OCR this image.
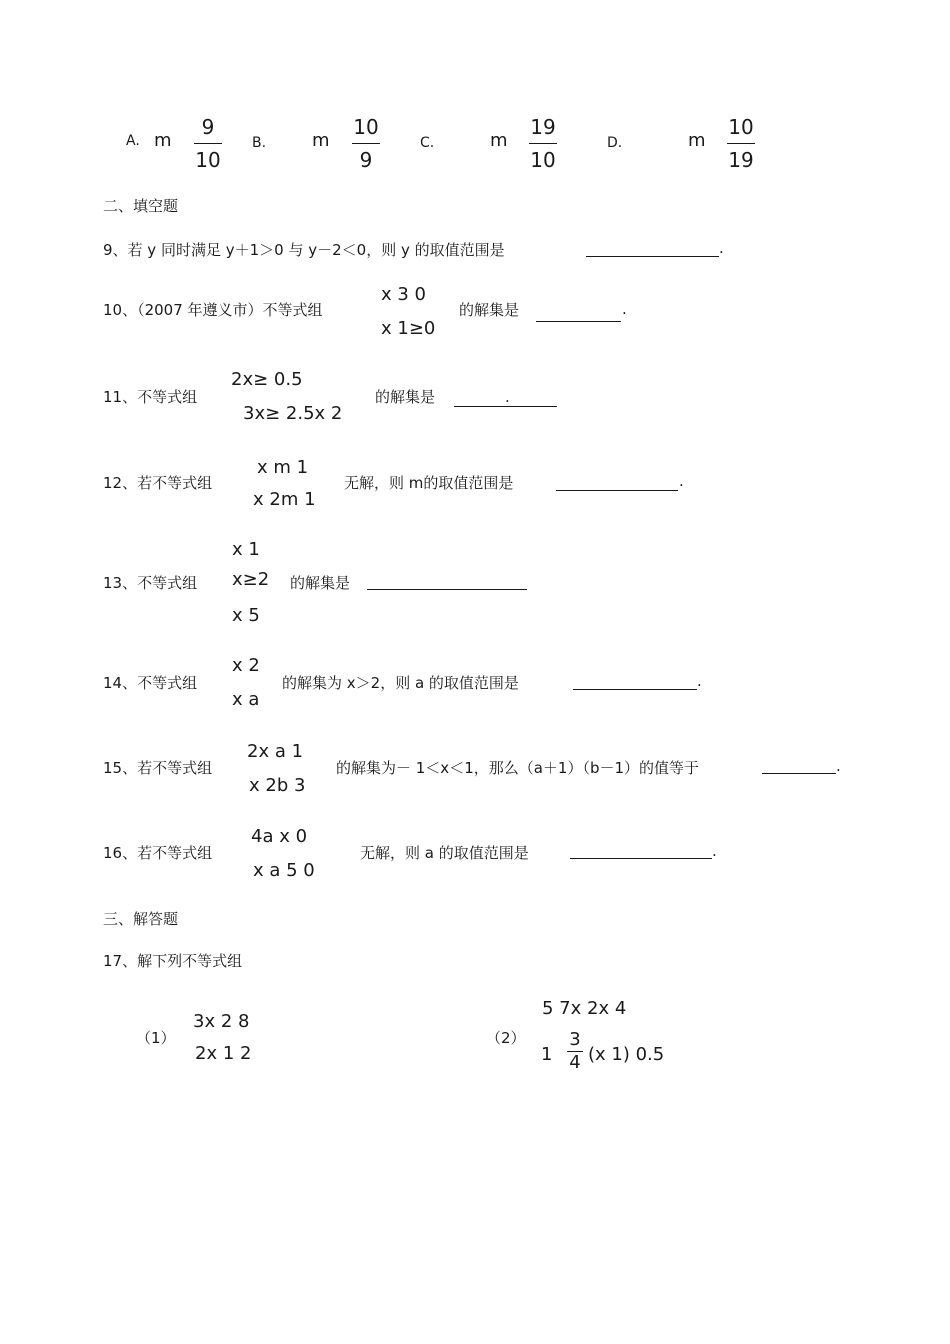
A. m
9
10
B.	m
10
9
C.	m
19
10
D.	m
10
19
二、填空题
9、若 y 同时满足 y＋1＞0 与 y－2＜0，则 y 的取值范围是	.
10、（2007 年遵义市）不等式组
x 3 0
x 1≥0
的解集是	.
11、不等式组
2x≥ 0.5
3x≥ 2.5x 2
的解集是	.
12、若不等式组
x m 1
x 2m 1
无解，则 m的取值范围是	.
13、不等式组
x 1
x≥2
x 5
的解集是
14、不等式组
x 2
x a
的解集为 x＞2，则 a 的取值范围是	.
15、若不等式组
2x a 1
x 2b 3
的解集为－ 1＜x＜1，那么（a＋1）（b－1）的值等于	.
16、若不等式组
4a x 0
x a 5 0
无解，则 a 的取值范围是	.
三、解答题
17、解下列不等式组
（1）
3x 2 8
2x 1 2
（2）
5 7x 2x 4
1
3
4 (x 1) 0.5
